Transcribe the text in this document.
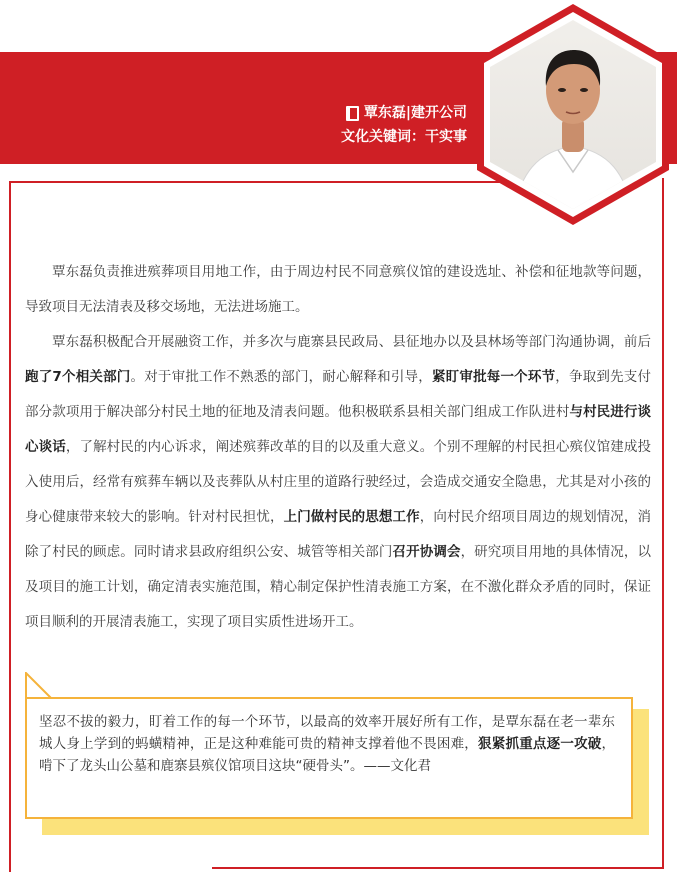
覃东磊|建开公司
文化关键词：干实事

覃东磊负责推进殡葬项目用地工作，由于周边村民不同意殡仪馆的建设选址、补偿和征地款等问题，导致项目无法清表及移交场地，无法进场施工。

覃东磊积极配合开展融资工作，并多次与鹿寨县民政局、县征地办以及县林场等部门沟通协调，前后跑了7个相关部门。对于审批工作不熟悉的部门，耐心解释和引导，紧盯审批每一个环节，争取到先支付部分款项用于解决部分村民土地的征地及清表问题。他积极联系县相关部门组成工作队进村与村民进行谈心谈话，了解村民的内心诉求，阐述殡葬改革的目的以及重大意义。个别不理解的村民担心殡仪馆建成投入使用后，经常有殡葬车辆以及丧葬队从村庄里的道路行驶经过，会造成交通安全隐患，尤其是对小孩的身心健康带来较大的影响。针对村民担忧，上门做村民的思想工作，向村民介绍项目周边的规划情况，消除了村民的顾虑。同时请求县政府组织公安、城管等相关部门召开协调会，研究项目用地的具体情况，以及项目的施工计划，确定清表实施范围，精心制定保护性清表施工方案，在不激化群众矛盾的同时，保证项目顺利的开展清表施工，实现了项目实质性进场开工。

坚忍不拔的毅力，盯着工作的每一个环节，以最高的效率开展好所有工作，是覃东磊在老一辈东城人身上学到的蚂蟥精神，正是这种难能可贵的精神支撑着他不畏困难，狠紧抓重点逐一攻破，啃下了龙头山公墓和鹿寨县殡仪馆项目这块“硬骨头”。——文化君
